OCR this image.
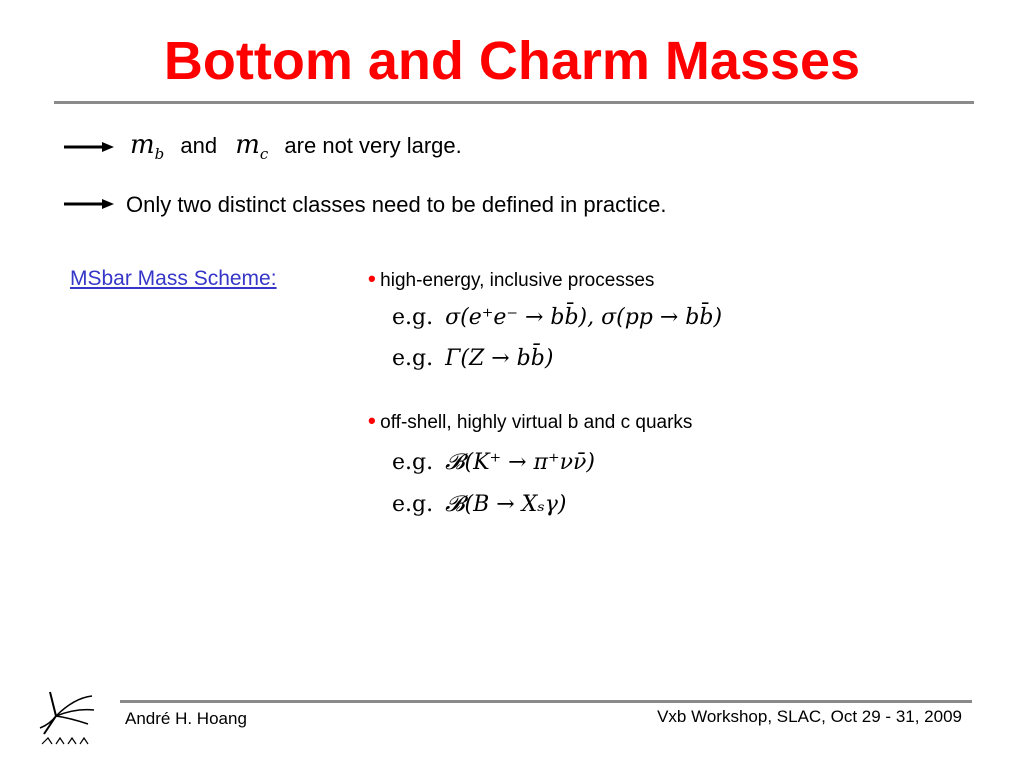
Bottom and Charm Masses
$m_b$ and $m_c$ are not very large.
Only two distinct classes need to be defined in practice.
MSbar Mass Scheme:	• high-energy, inclusive processes
e.g. σ(e⁺e⁻ → bb̄), σ(pp → bb̄)
e.g. Γ(Z → bb̄)
• off-shell, highly virtual b and c quarks
e.g. 𝓑(K⁺ → π⁺νν̄)
e.g. 𝓑(B → Xₛγ)
André H. Hoang	Vxb Workshop, SLAC, Oct 29 - 31, 2009
